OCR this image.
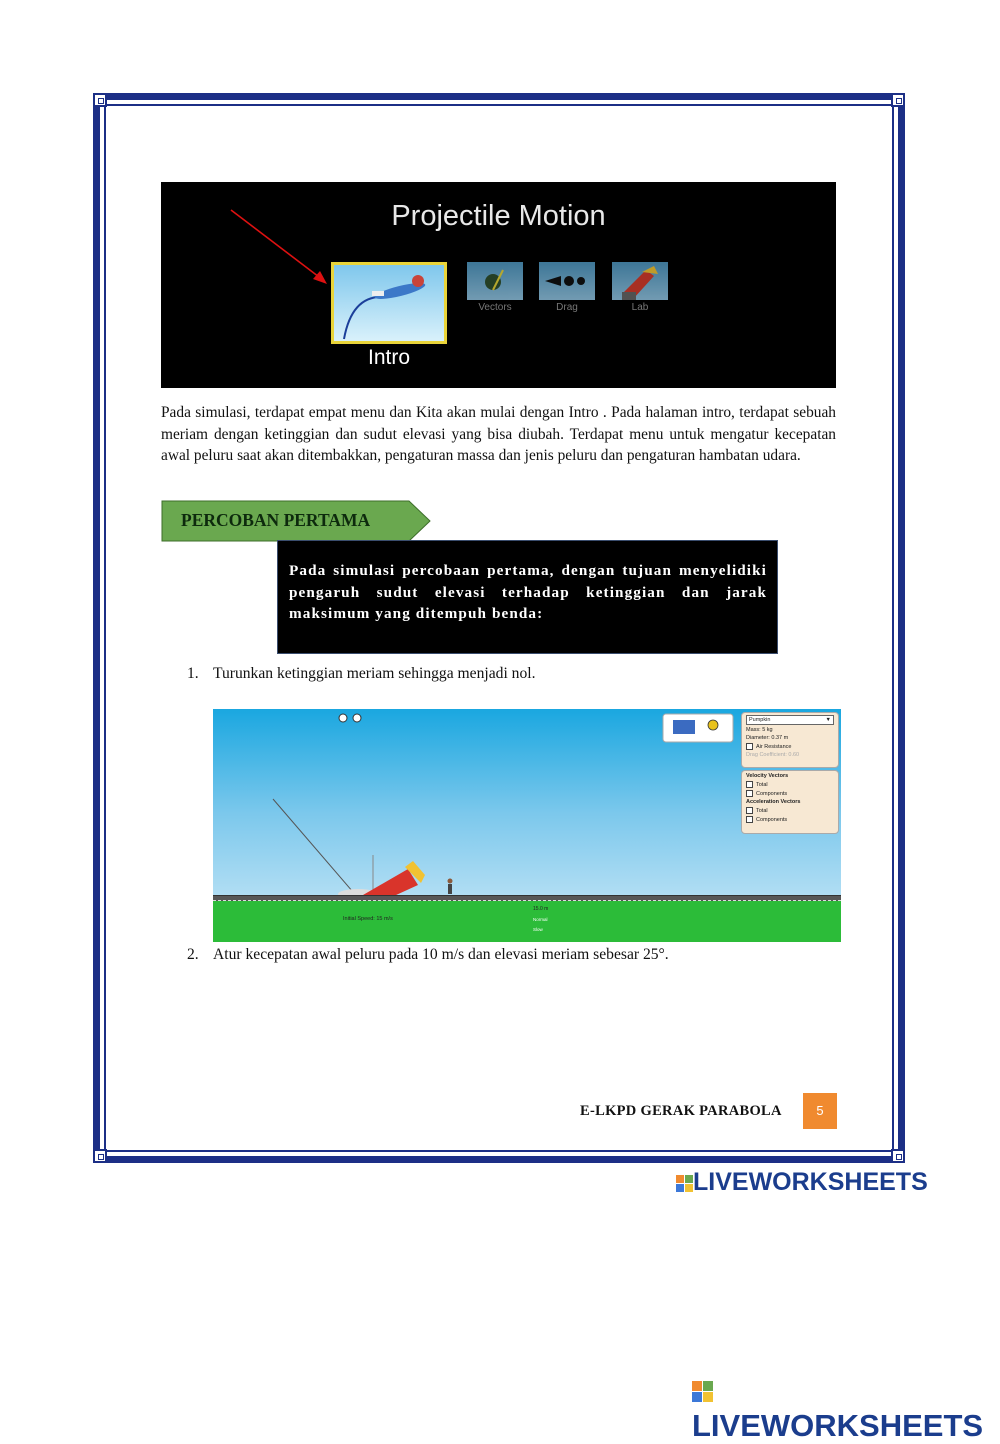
Projectile Motion
Intro
Vectors	Drag	Lab
Pada simulasi, terdapat empat menu dan Kita akan mulai dengan Intro . Pada halaman intro, terdapat sebuah meriam dengan ketinggian dan sudut elevasi yang bisa diubah. Terdapat menu untuk mengatur kecepatan awal peluru saat akan ditembakkan, pengaturan massa dan jenis peluru dan pengaturan hambatan udara.
PERCOBAN PERTAMA
Pada simulasi percobaan pertama, dengan tujuan menyelidiki pengaruh sudut elevasi terhadap ketinggian dan jarak maksimum yang ditempuh benda:
1. Turunkan ketinggian meriam sehingga menjadi nol.
Initial Speed: 15 m/s
15.0 m
Normal
Slow
Pumpkin	▼
Mass: 5 kg
Diameter: 0.37 m
Air Resistance
Drag Coefficient: 0.60
Velocity Vectors
Total
Components
Acceleration Vectors
Total
Components
2. Atur kecepatan awal peluru pada 10 m/s dan elevasi meriam sebesar 25°.
E-LKPD GERAK PARABOLA	5
LIVEWORKSHEETS
LIVEWORKSHEETS
